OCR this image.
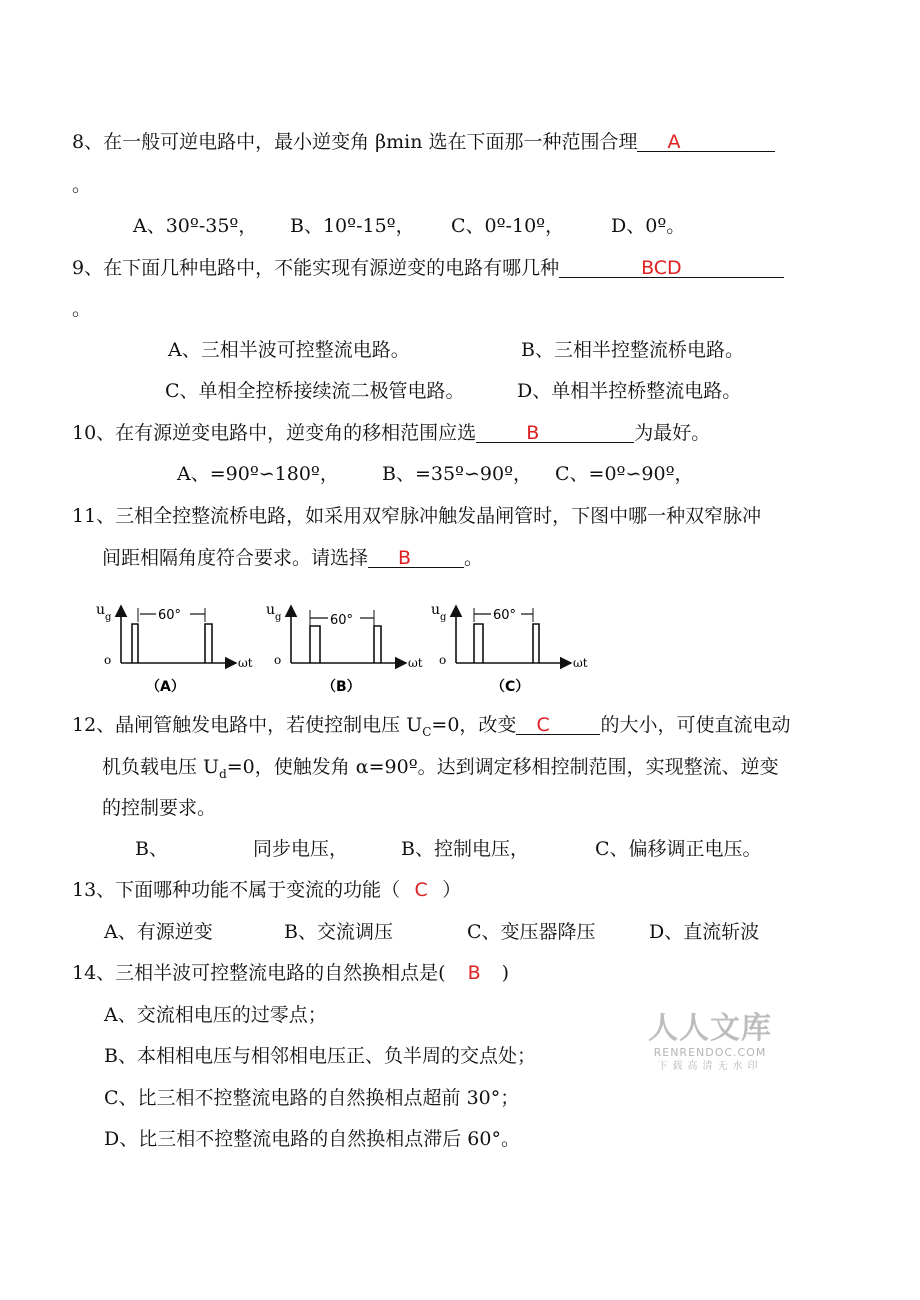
8、在一般可逆电路中，最小逆变角 βmin 选在下面那一种范围合理 A
。
A、30º-35º， B、10º-15º， C、0º-10º， D、0º。
9、在下面几种电路中，不能实现有源逆变的电路有哪几种	BCD
。
A、三相半波可控整流电路。	B、三相半控整流桥电路。
C、单相全控桥接续流二极管电路。	D、单相半控桥整流电路。
10、在有源逆变电路中，逆变角的移相范围应选	B	为最好。
A、=90º∽180º， B、=35º∽90º， C、=0º∽90º，
11、三相全控整流桥电路，如采用双窄脉冲触发晶闸管时，下图中哪一种双窄脉冲
间距相隔角度符合要求。请选择 B	。
u g
o	ωt
60°
（A）
u g
o	ωt
60°
（B）
u g
o	ωt
60°
（C）
12、晶闸管触发电路中，若使控制电压 $U_C=0$，改变 C	的大小，可使直流电动
机负载电压 $U_d=0$，使触发角 α=90º。达到调定移相控制范围，实现整流、逆变
的控制要求。
B、	同步电压，	B、控制电压，	C、偏移调正电压。
13、下面哪种功能不属于变流的功能（ C ）
A、有源逆变	B、交流调压	C、变压器降压	D、直流斩波
14、三相半波可控整流电路的自然换相点是( B )
A、交流相电压的过零点；
B、本相相电压与相邻相电压正、负半周的交点处；
C、比三相不控整流电路的自然换相点超前 30°；
D、比三相不控整流电路的自然换相点滞后 60°。
人人文库
RENRENDOC.COM
下载高清无水印
